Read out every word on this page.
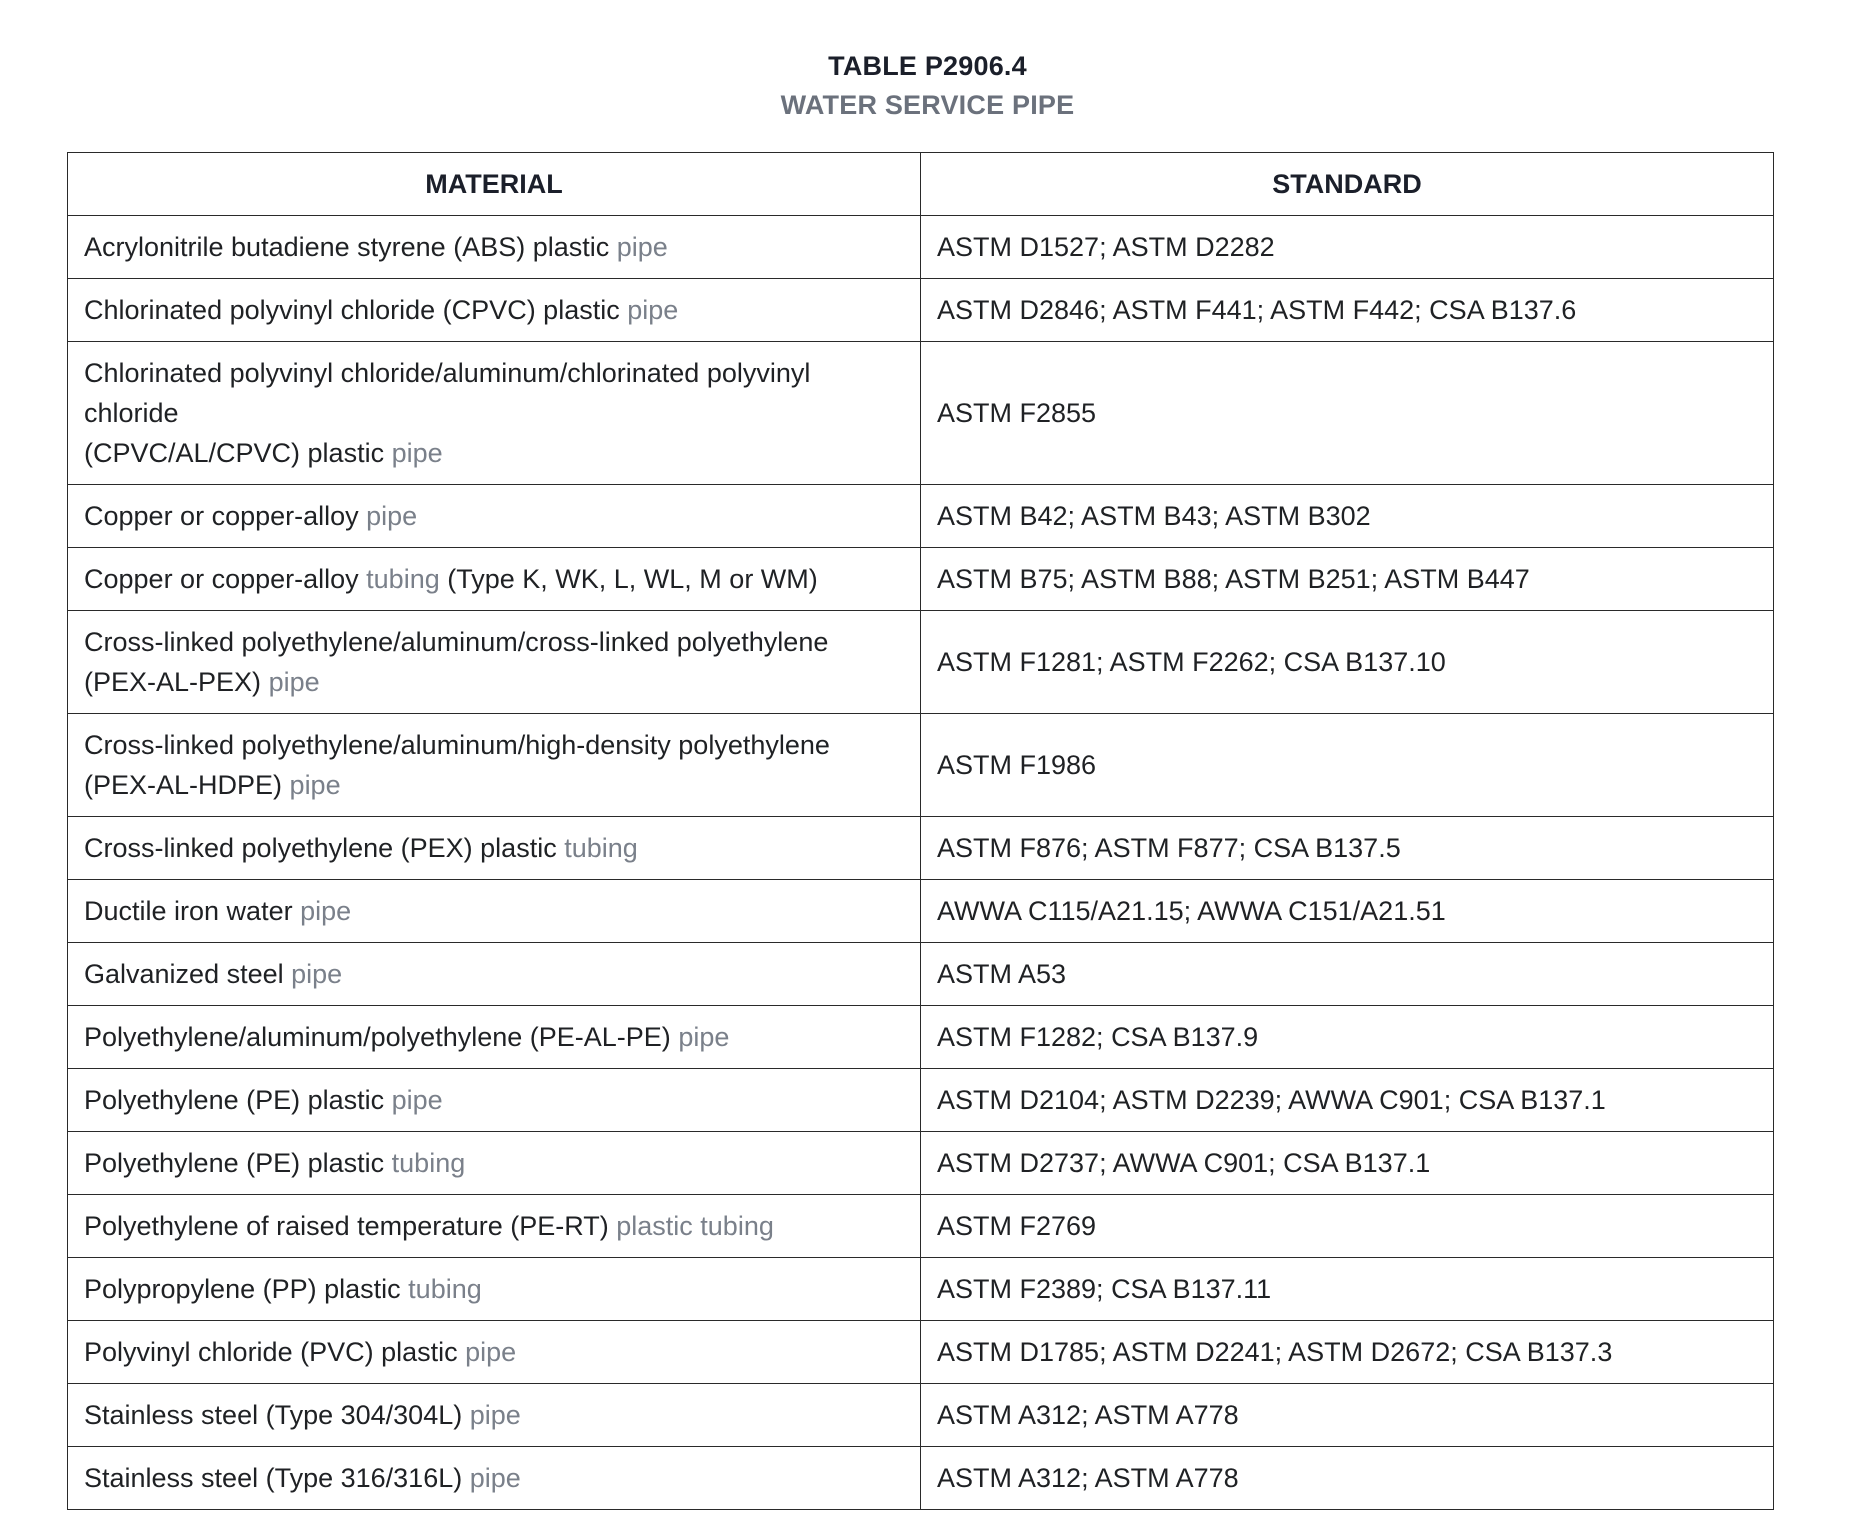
TABLE P2906.4
WATER SERVICE PIPE
MATERIAL	STANDARD
Acrylonitrile butadiene styrene (ABS) plastic pipe	ASTM D1527; ASTM D2282
Chlorinated polyvinyl chloride (CPVC) plastic pipe	ASTM D2846; ASTM F441; ASTM F442; CSA B137.6
Chlorinated polyvinyl chloride/aluminum/chlorinated polyvinyl chloride
(CPVC/AL/CPVC) plastic pipe	ASTM F2855
Copper or copper-alloy pipe	ASTM B42; ASTM B43; ASTM B302
Copper or copper-alloy tubing (Type K, WK, L, WL, M or WM)	ASTM B75; ASTM B88; ASTM B251; ASTM B447
Cross-linked polyethylene/aluminum/cross-linked polyethylene (PEX-AL-PEX) pipe	ASTM F1281; ASTM F2262; CSA B137.10
Cross-linked polyethylene/aluminum/high-density polyethylene (PEX-AL-HDPE) pipe	ASTM F1986
Cross-linked polyethylene (PEX) plastic tubing	ASTM F876; ASTM F877; CSA B137.5
Ductile iron water pipe	AWWA C115/A21.15; AWWA C151/A21.51
Galvanized steel pipe	ASTM A53
Polyethylene/aluminum/polyethylene (PE-AL-PE) pipe	ASTM F1282; CSA B137.9
Polyethylene (PE) plastic pipe	ASTM D2104; ASTM D2239; AWWA C901; CSA B137.1
Polyethylene (PE) plastic tubing	ASTM D2737; AWWA C901; CSA B137.1
Polyethylene of raised temperature (PE-RT) plastic tubing	ASTM F2769
Polypropylene (PP) plastic tubing	ASTM F2389; CSA B137.11
Polyvinyl chloride (PVC) plastic pipe	ASTM D1785; ASTM D2241; ASTM D2672; CSA B137.3
Stainless steel (Type 304/304L) pipe	ASTM A312; ASTM A778
Stainless steel (Type 316/316L) pipe	ASTM A312; ASTM A778
